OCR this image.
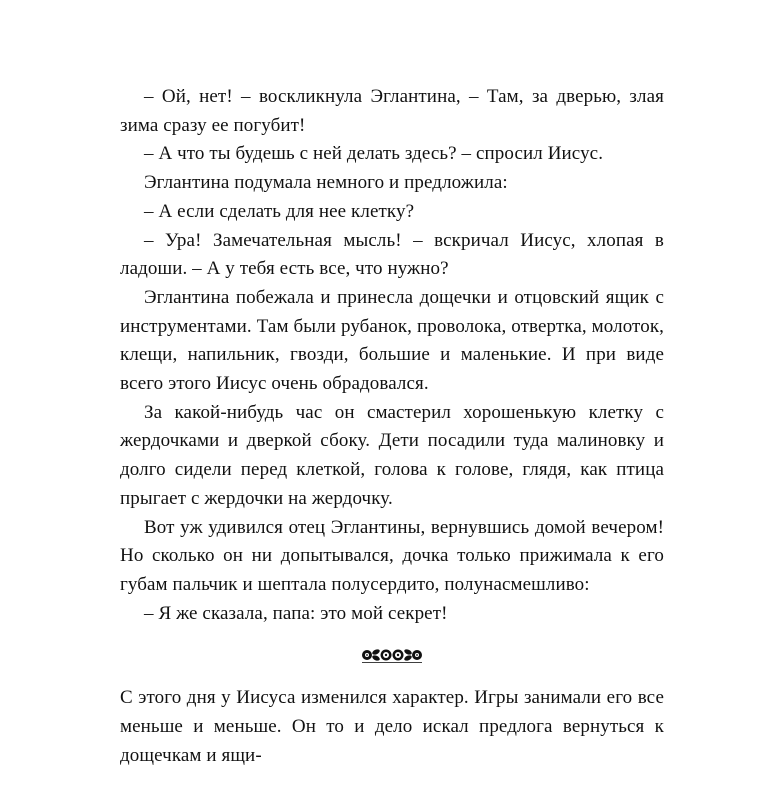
– Ой, нет! – воскликнула Эглантина, – Там, за дверью, злая зима сразу ее погубит!

– А что ты будешь с ней делать здесь? – спросил Иисус.

Эглантина подумала немного и предложила:

– А если сделать для нее клетку?

– Ура! Замечательная мысль! – вскричал Иисус, хлопая в ладоши. – А у тебя есть все, что нужно?

Эглантина побежала и принесла дощечки и отцовский ящик с инструментами. Там были рубанок, проволока, отвертка, молоток, клещи, напильник, гвозди, большие и маленькие. И при виде всего этого Иисус очень обрадовался.

За какой-нибудь час он смастерил хорошенькую клетку с жердочками и дверкой сбоку. Дети посадили туда малиновку и долго сидели перед клеткой, голова к голове, глядя, как птица прыгает с жердочки на жердочку.

Вот уж удивился отец Эглантины, вернувшись домой вечером! Но сколько он ни допытывался, дочка только прижимала к его губам пальчик и шептала полусердито, полунасмешливо:

– Я же сказала, папа: это мой секрет!

С этого дня у Иисуса изменился характер. Игры занимали его все меньше и меньше. Он то и дело искал предлога вернуться к дощечкам и ящи-
